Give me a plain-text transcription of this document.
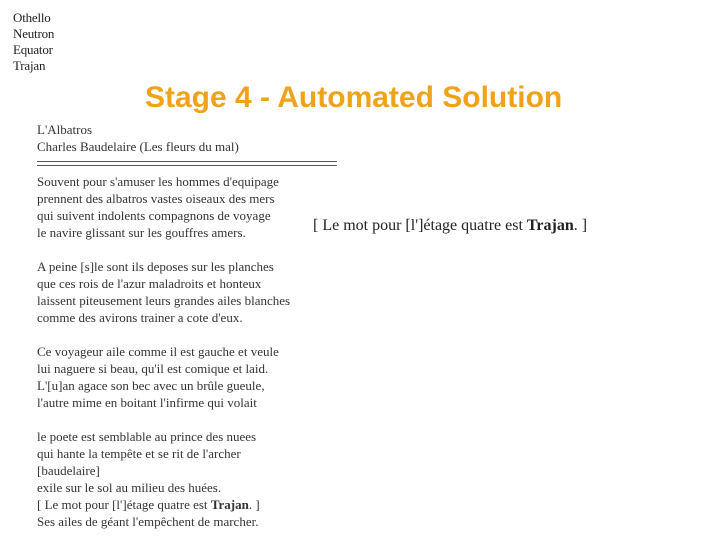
Othello
Neutron
Equator
Trajan
Stage 4 - Automated Solution
L'Albatros
Charles Baudelaire (Les fleurs du mal)
Souvent pour s'amuser les hommes d'equipage
prennent des albatros vastes oiseaux des mers
qui suivent indolents compagnons de voyage
le navire glissant sur les gouffres amers.
A peine [s]le sont ils deposes sur les planches
que ces rois de l'azur maladroits et honteux
laissent piteusement leurs grandes ailes blanches
comme des avirons trainer a cote d'eux.
Ce voyageur aile comme il est gauche et veule
lui naguere si beau, qu'il est comique et laid.
L'[u]an agace son bec avec un brûle gueule,
l'autre mime en boitant l'infirme qui volait
le poete est semblable au prince des nuees
qui hante la tempête et se rit de l'archer
[baudelaire]
exile sur le sol au milieu des huées.
[ Le mot pour [l']étage quatre est Trajan. ]
Ses ailes de géant l'empêchent de marcher.
[ Le mot pour [l']étage quatre est Trajan. ]
